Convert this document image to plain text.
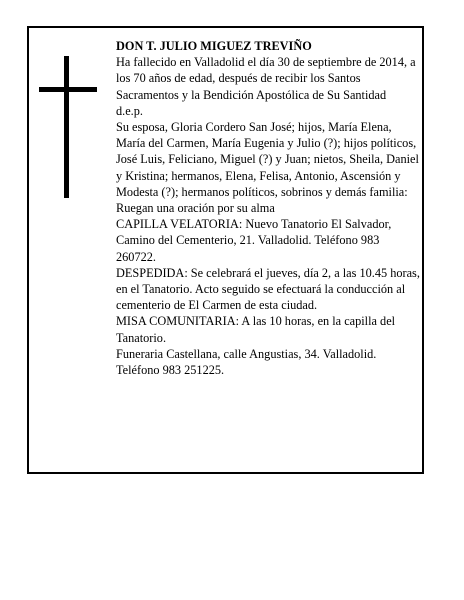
DON T. JULIO MIGUEZ TREVIÑO

Ha fallecido en Valladolid el día 30 de septiembre de 2014, a los 70 años de edad, después de recibir los Santos Sacramentos y la Bendición Apostólica de Su Santidad

d.e.p.

Su esposa, Gloria Cordero San José; hijos, María Elena, María del Carmen, María Eugenia y Julio (?); hijos políticos, José Luis, Feliciano, Miguel (?) y Juan; nietos, Sheila, Daniel y Kristina; hermanos, Elena, Felisa, Antonio, Ascensión y Modesta (?); hermanos políticos, sobrinos y demás familia:

Ruegan una oración por su alma

CAPILLA VELATORIA: Nuevo Tanatorio El Salvador, Camino del Cementerio, 21. Valladolid. Teléfono 983 260722.

DESPEDIDA: Se celebrará el jueves, día 2, a las 10.45 horas, en el Tanatorio. Acto seguido se efectuará la conducción al cementerio de El Carmen de esta ciudad.

MISA COMUNITARIA: A las 10 horas, en la capilla del Tanatorio.

Funeraria Castellana, calle Angustias, 34. Valladolid. Teléfono 983 251225.
